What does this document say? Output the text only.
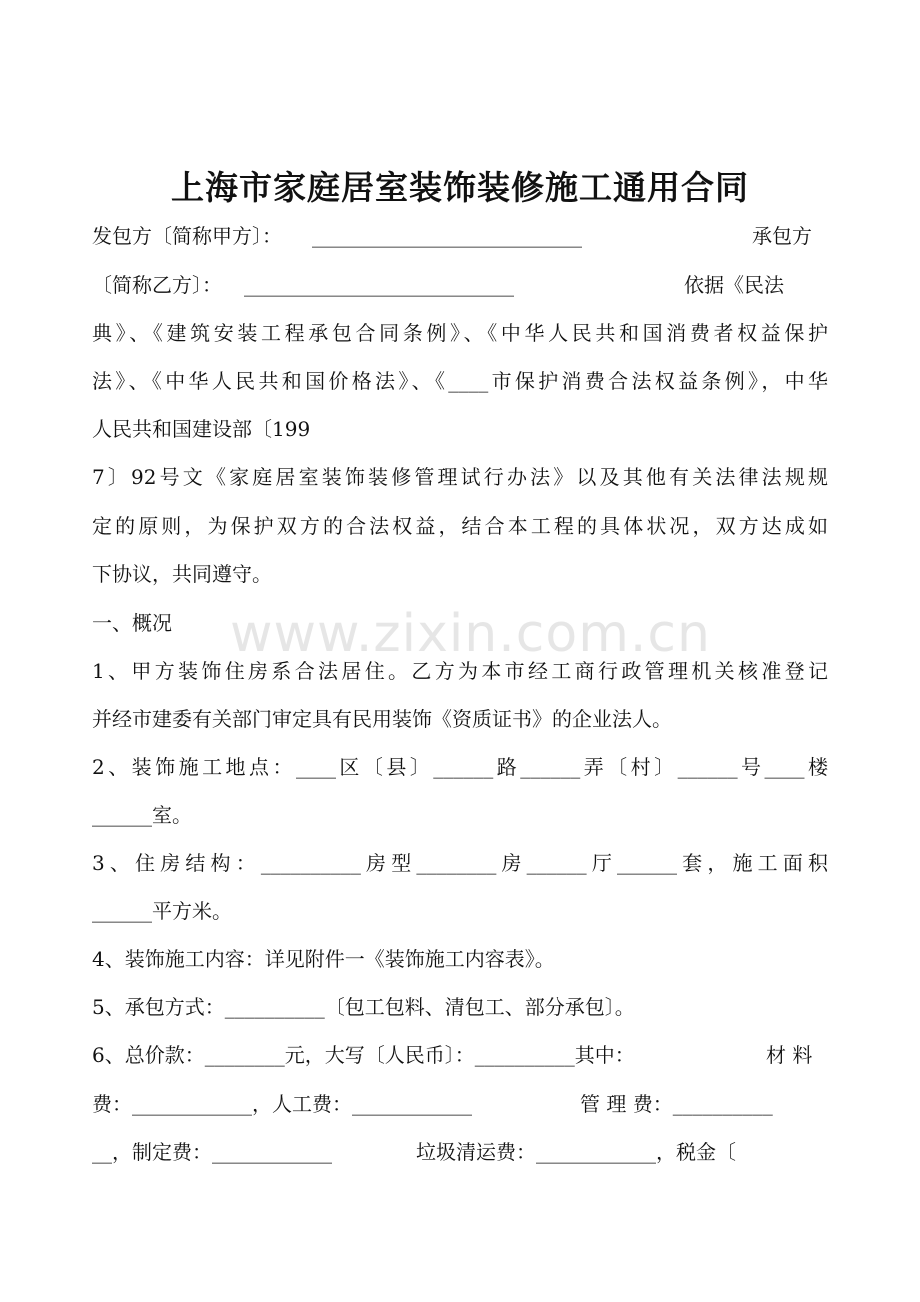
www.zixin.com.cn
上海市家庭居室装饰装修施工通用合同
发包方〔简称甲方〕： ___________________________	承包方
〔简称乙方〕： ___________________________	依据《民法
典》、《建筑安装工程承包合同条例》、《中华人民共和国消费者权益保护
法》、《中华人民共和国价格法》、《____市保护消费合法权益条例》，中华
人民共和国建设部〔199
7〕92号文《家庭居室装饰装修管理试行办法》以及其他有关法律法规规
定的原则，为保护双方的合法权益，结合本工程的具体状况，双方达成如
下协议，共同遵守。
一、概况
1、甲方装饰住房系合法居住。乙方为本市经工商行政管理机关核准登记
并经市建委有关部门审定具有民用装饰《资质证书》的企业法人。
2、装饰施工地点：____区〔县〕______路______弄〔村〕______号____楼
______室。
3、住房结构：__________房型________房______厅______套，施工面积
______平方米。
4、装饰施工内容：详见附件一《装饰施工内容表》。
5、承包方式：__________〔包工包料、清包工、部分承包〕。
6、总价款：________元，大写〔人民币〕：__________其中：	材 料
费：____________，人工费：____________	管 理 费：__________
__，制定费：____________	垃圾清运费：____________，税金〔
